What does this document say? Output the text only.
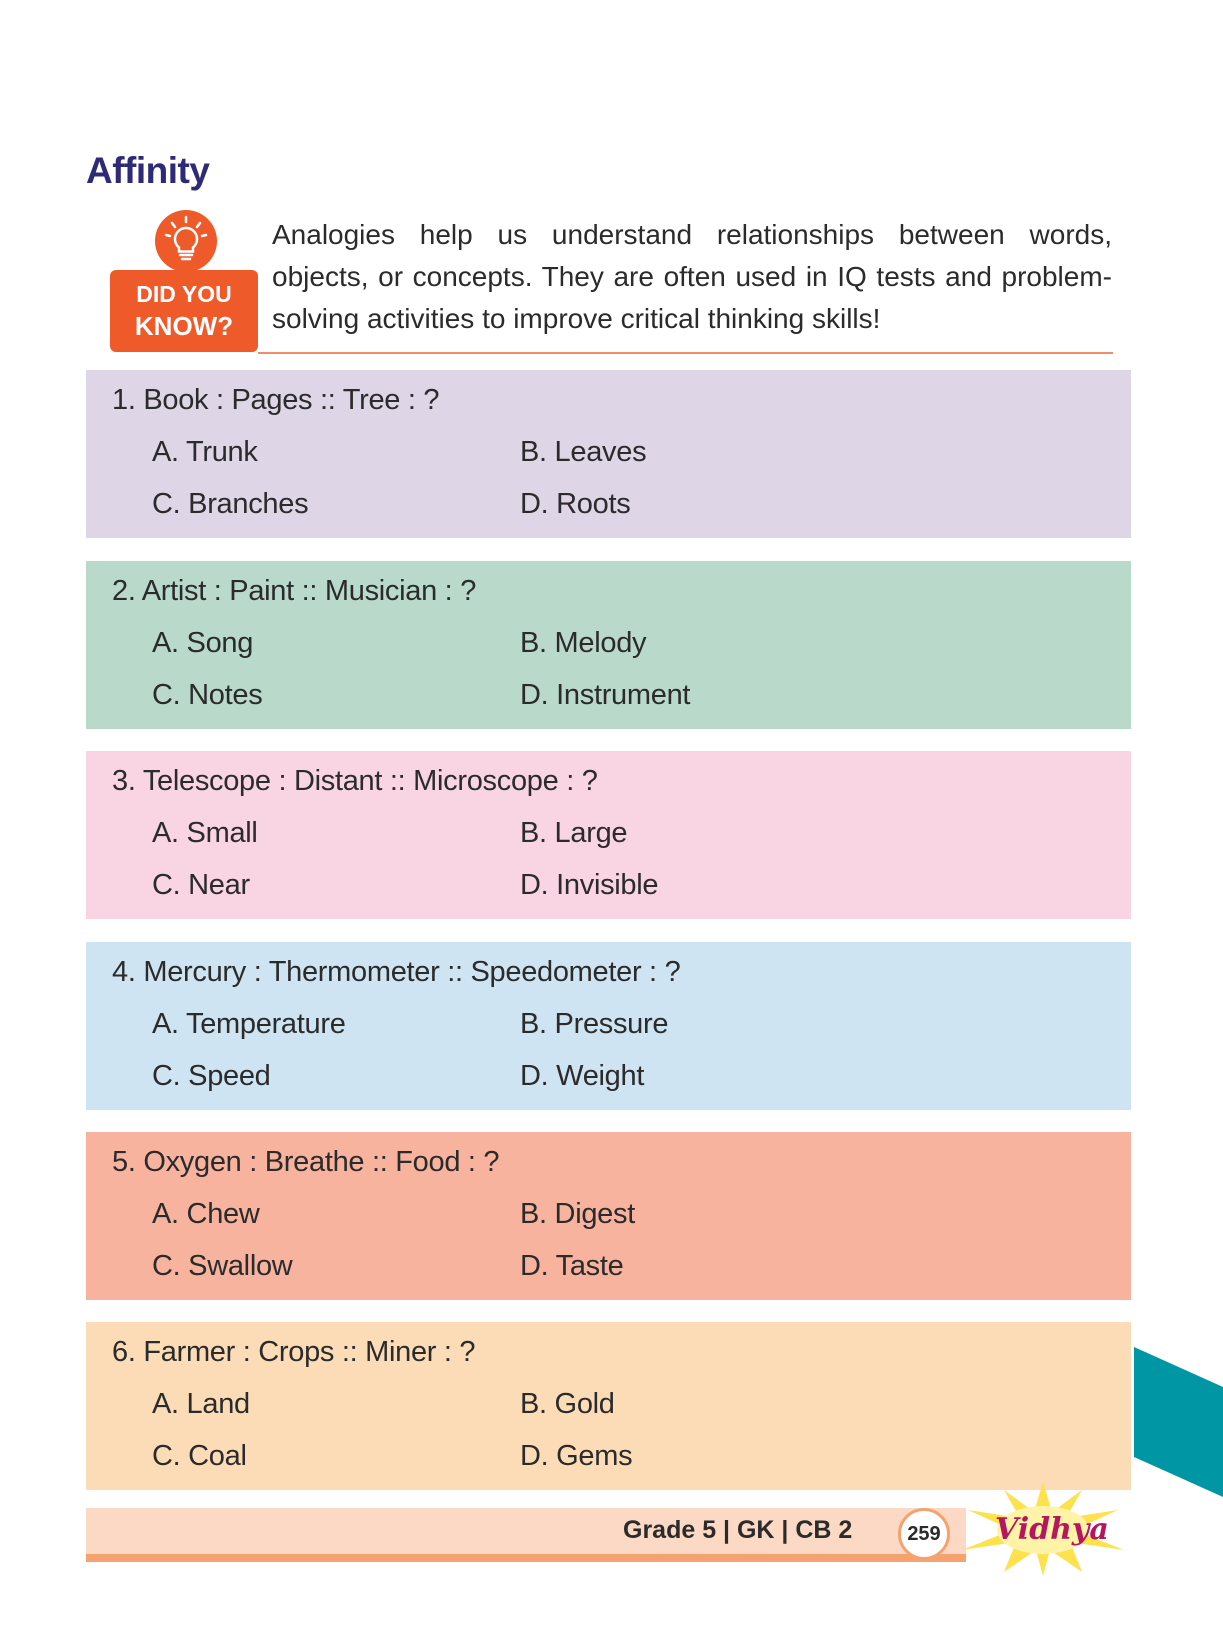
Affinity
DID YOU
KNOW?
Analogies help us understand relationships between words, objects, or concepts. They are often used in IQ tests and problem-solving activities to improve critical thinking skills!
1. Book : Pages :: Tree : ?
A. Trunk	B. Leaves
C. Branches	D. Roots
2. Artist : Paint :: Musician : ?
A. Song	B. Melody
C. Notes	D. Instrument
3. Telescope : Distant :: Microscope : ?
A. Small	B. Large
C. Near	D. Invisible
4. Mercury : Thermometer :: Speedometer : ?
A. Temperature	B. Pressure
C. Speed	D. Weight
5. Oxygen : Breathe :: Food : ?
A. Chew	B. Digest
C. Swallow	D. Taste
6. Farmer : Crops :: Miner : ?
A. Land	B. Gold
C. Coal	D. Gems
Grade 5 | GK | CB 2	259	Vidhya
